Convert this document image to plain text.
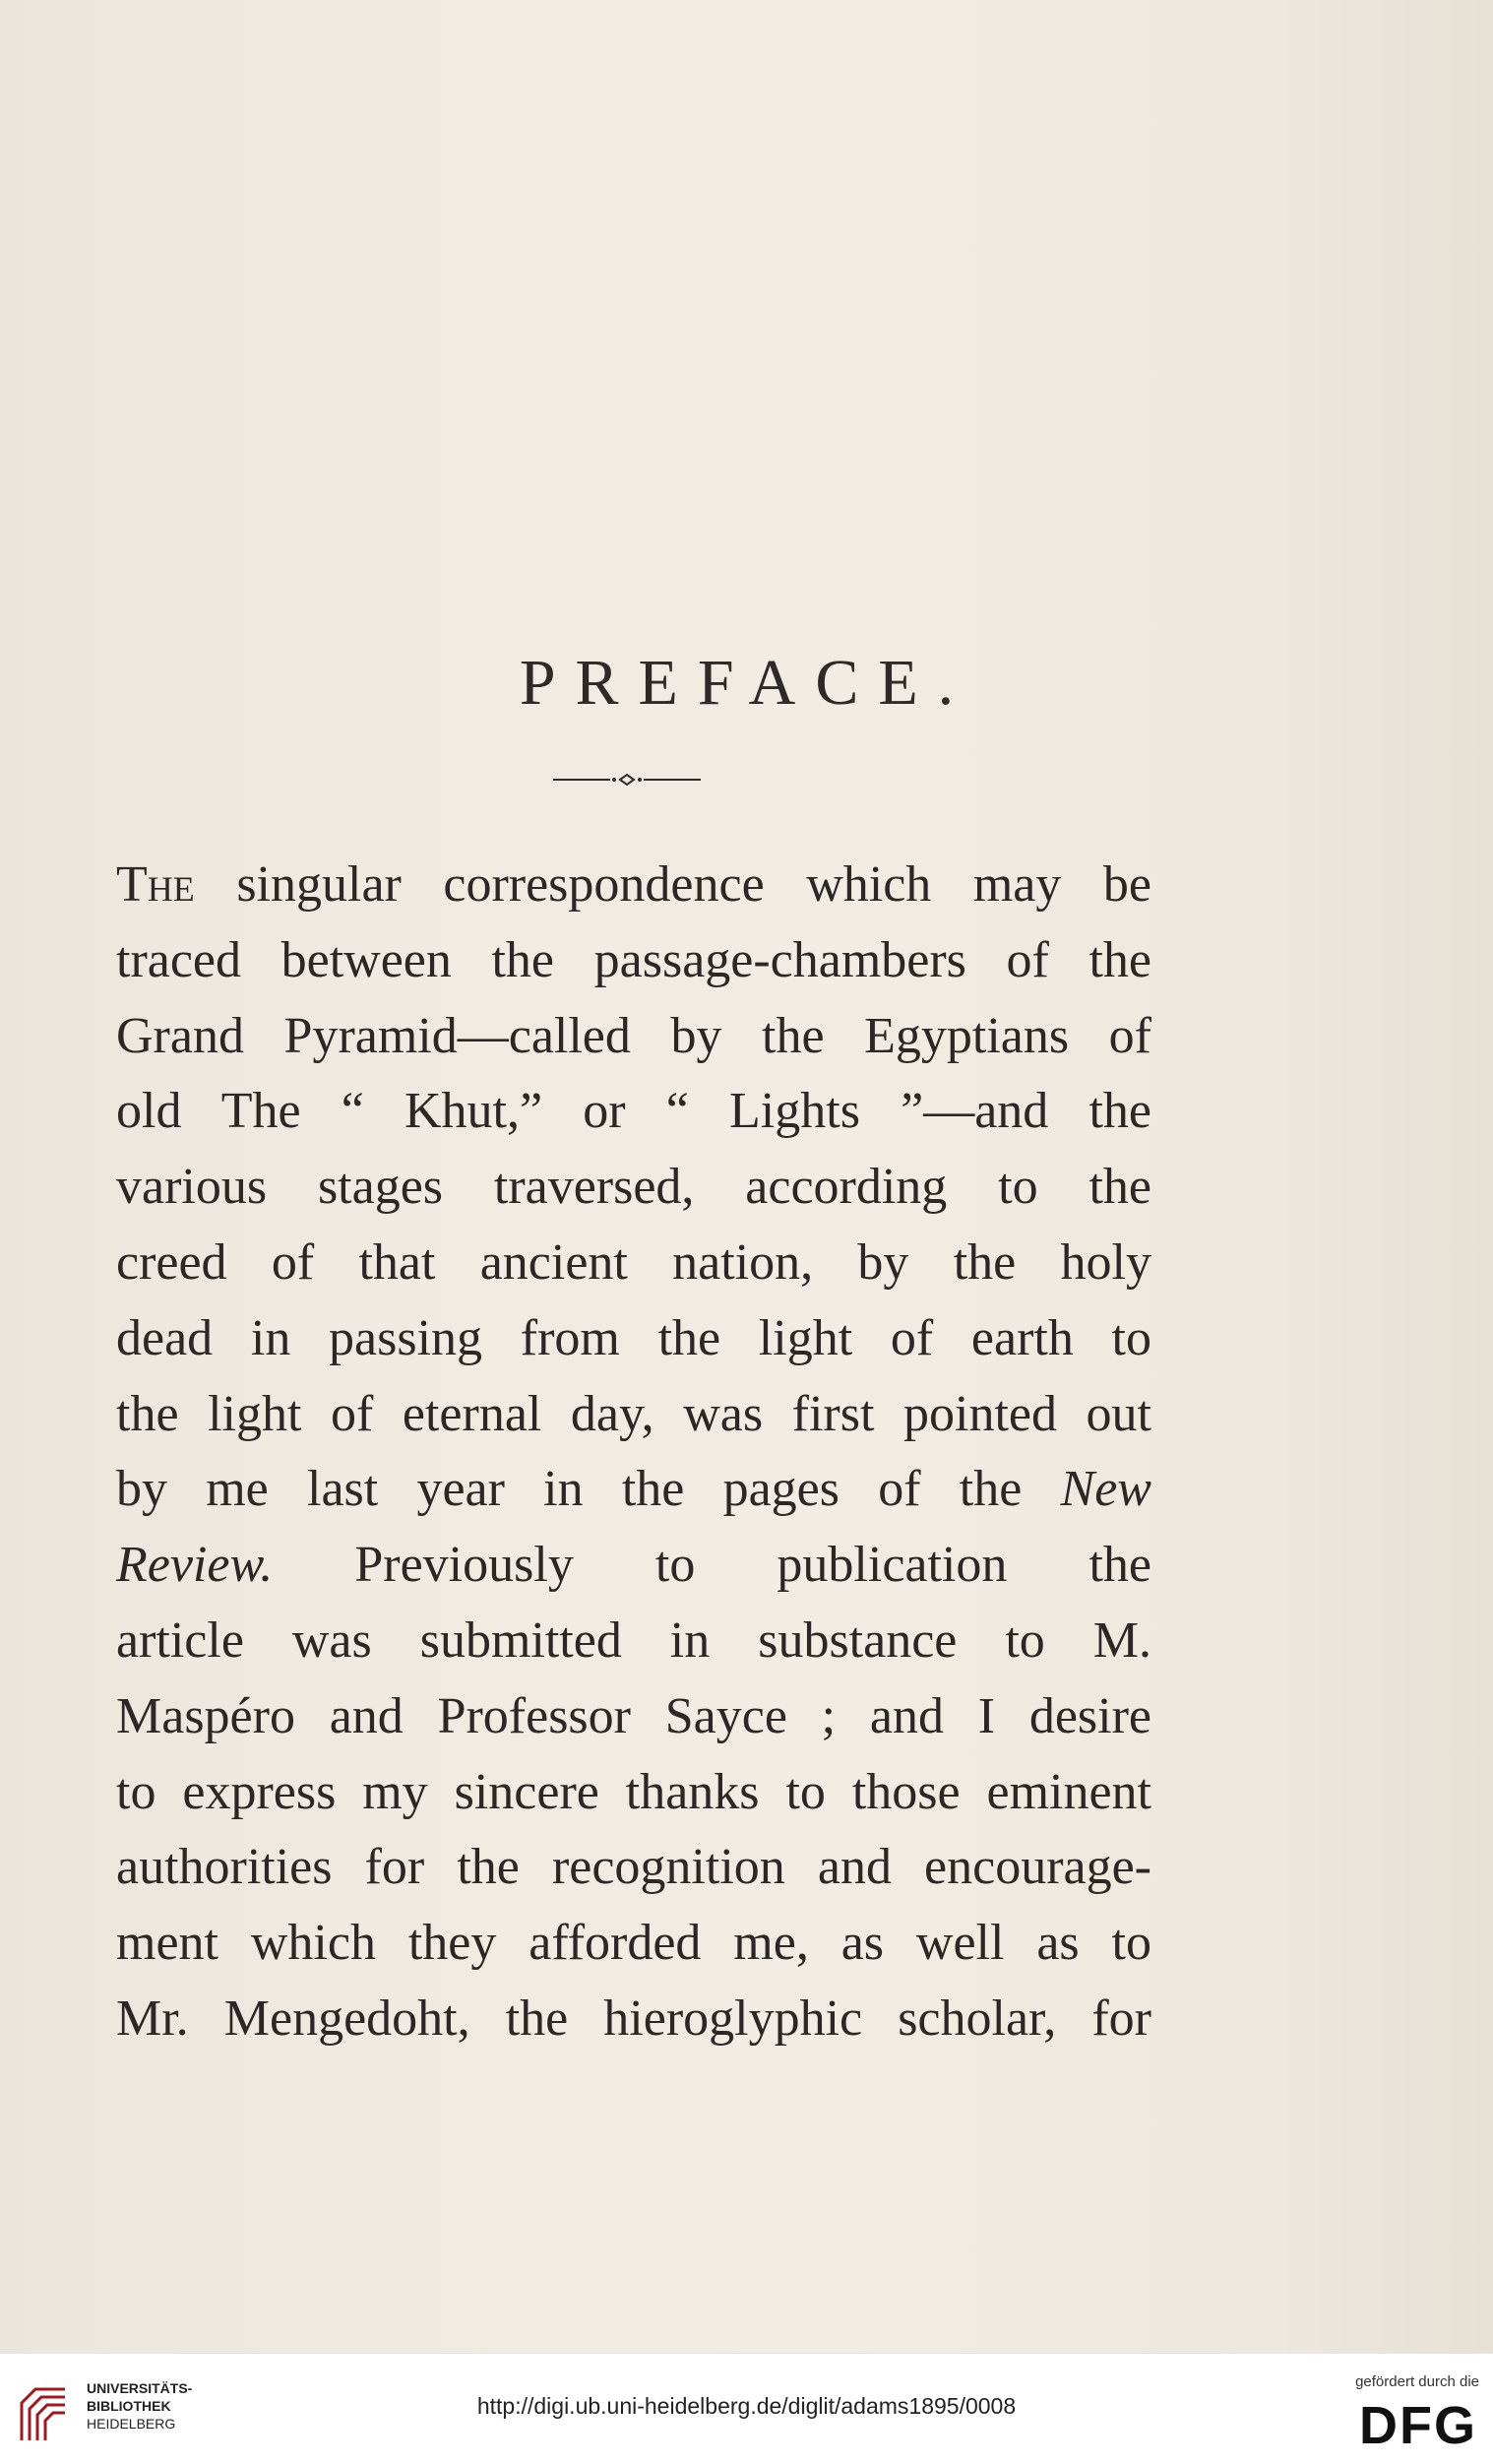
PREFACE.
The singular correspondence which may be
traced between the passage-chambers of the
Grand Pyramid—called by the Egyptians of
old The “ Khut,” or “ Lights ”—and the
various stages traversed, according to the
creed of that ancient nation, by the holy
dead in passing from the light of earth to
the light of eternal day, was first pointed out
by me last year in the pages of the New
Review. Previously to publication the
article was submitted in substance to M.
Maspéro and Professor Sayce ; and I desire
to express my sincere thanks to those eminent
authorities for the recognition and encourage-
ment which they afforded me, as well as to
Mr. Mengedoht, the hieroglyphic scholar, for
UNIVERSITÄTS-
BIBLIOTHEK
HEIDELBERG
http://digi.ub.uni-heidelberg.de/diglit/adams1895/0008
gefördert durch die
DFG
